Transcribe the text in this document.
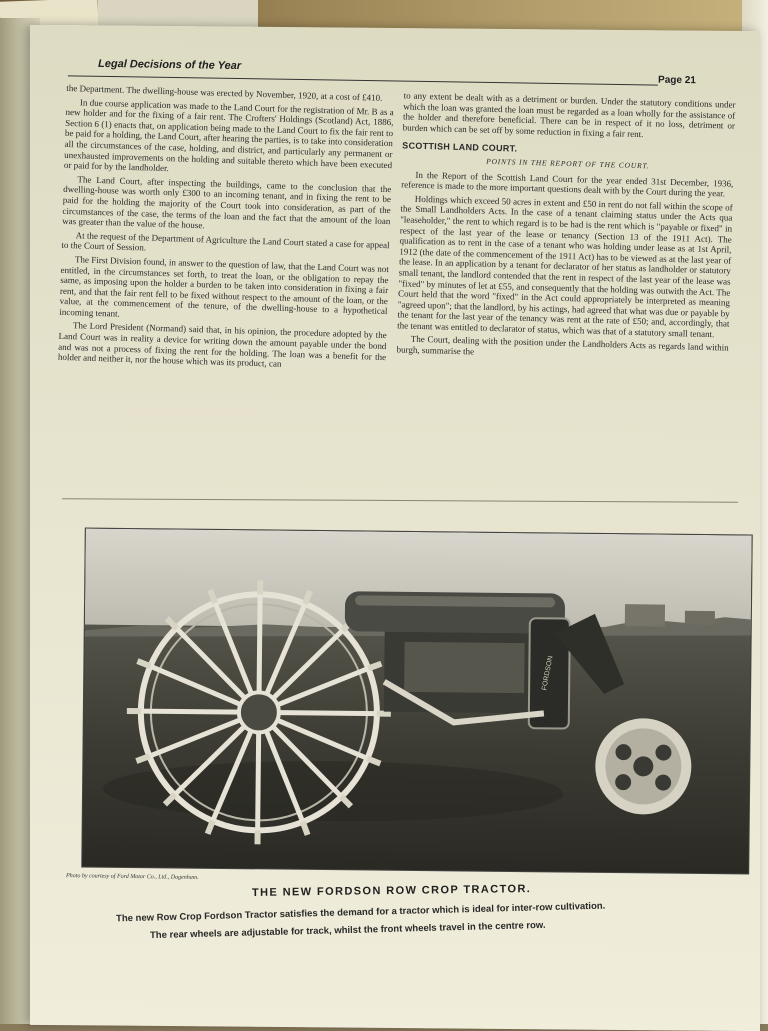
Legal Decisions of the Year
Page 21

the Department. The dwelling-house was erected by November, 1920, at a cost of £410.

In due course application was made to the Land Court for the registration of Mr. B as a new holder and for the fixing of a fair rent. The Crofters' Holdings (Scotland) Act, 1886, Section 6 (1) enacts that, on application being made to the Land Court to fix the fair rent to be paid for a holding, the Land Court, after hearing the parties, is to take into consideration all the circumstances of the case, holding, and district, and particularly any permanent or unexhausted improvements on the holding and suitable thereto which have been executed or paid for by the landholder.

The Land Court, after inspecting the buildings, came to the conclusion that the dwelling-house was worth only £300 to an incoming tenant, and in fixing the rent to be paid for the holding the majority of the Court took into consideration, as part of the circumstances of the case, the terms of the loan and the fact that the amount of the loan was greater than the value of the house.

At the request of the Department of Agriculture the Land Court stated a case for appeal to the Court of Session.

The First Division found, in answer to the question of law, that the Land Court was not entitled, in the circumstances set forth, to treat the loan, or the obligation to repay the same, as imposing upon the holder a burden to be taken into consideration in fixing a fair rent, and that the fair rent fell to be fixed without respect to the amount of the loan, or the value, at the commencement of the tenure, of the dwelling-house to a hypothetical incoming tenant.

The Lord President (Normand) said that, in his opinion, the procedure adopted by the Land Court was in reality a device for writing down the amount payable under the bond and was not a process of fixing the rent for the holding. The loan was a benefit for the holder and neither it, nor the house which was its product, can

to any extent be dealt with as a detriment or burden. Under the statutory conditions under which the loan was granted the loan must be regarded as a loan wholly for the assistance of the holder and therefore beneficial. There can be in respect of it no loss, detriment or burden which can be set off by some reduction in fixing a fair rent.

SCOTTISH LAND COURT.
POINTS IN THE REPORT OF THE COURT.

In the Report of the Scottish Land Court for the year ended 31st December, 1936, reference is made to the more important questions dealt with by the Court during the year.

Holdings which exceed 50 acres in extent and £50 in rent do not fall within the scope of the Small Landholders Acts. In the case of a tenant claiming status under the Acts qua "leaseholder," the rent to which regard is to be had is the rent which is "payable or fixed" in respect of the last year of the lease or tenancy (Section 13 of the 1911 Act). The qualification as to rent in the case of a tenant who was holding under lease as at 1st April, 1912 (the date of the commencement of the 1911 Act) has to be viewed as at the last year of the lease. In an application by a tenant for declarator of her status as landholder or statutory small tenant, the landlord contended that the rent in respect of the last year of the lease was "fixed" by minutes of let at £55, and consequently that the holding was outwith the Act. The Court held that the word "fixed" in the Act could appropriately be interpreted as meaning "agreed upon"; that the landlord, by his actings, had agreed that what was due or payable by the tenant for the last year of the tenancy was rent at the rate of £50; and, accordingly, that the tenant was entitled to declarator of status, which was that of a statutory small tenant.

The Court, dealing with the position under the Landholders Acts as regards land within burgh, summarise the

FORDSON
Photo by courtesy of Ford Motor Co., Ltd., Dagenham.
THE NEW FORDSON ROW CROP TRACTOR.
The new Row Crop Fordson Tractor satisfies the demand for a tractor which is ideal for inter-row cultivation.
The rear wheels are adjustable for track, whilst the front wheels travel in the centre row.
